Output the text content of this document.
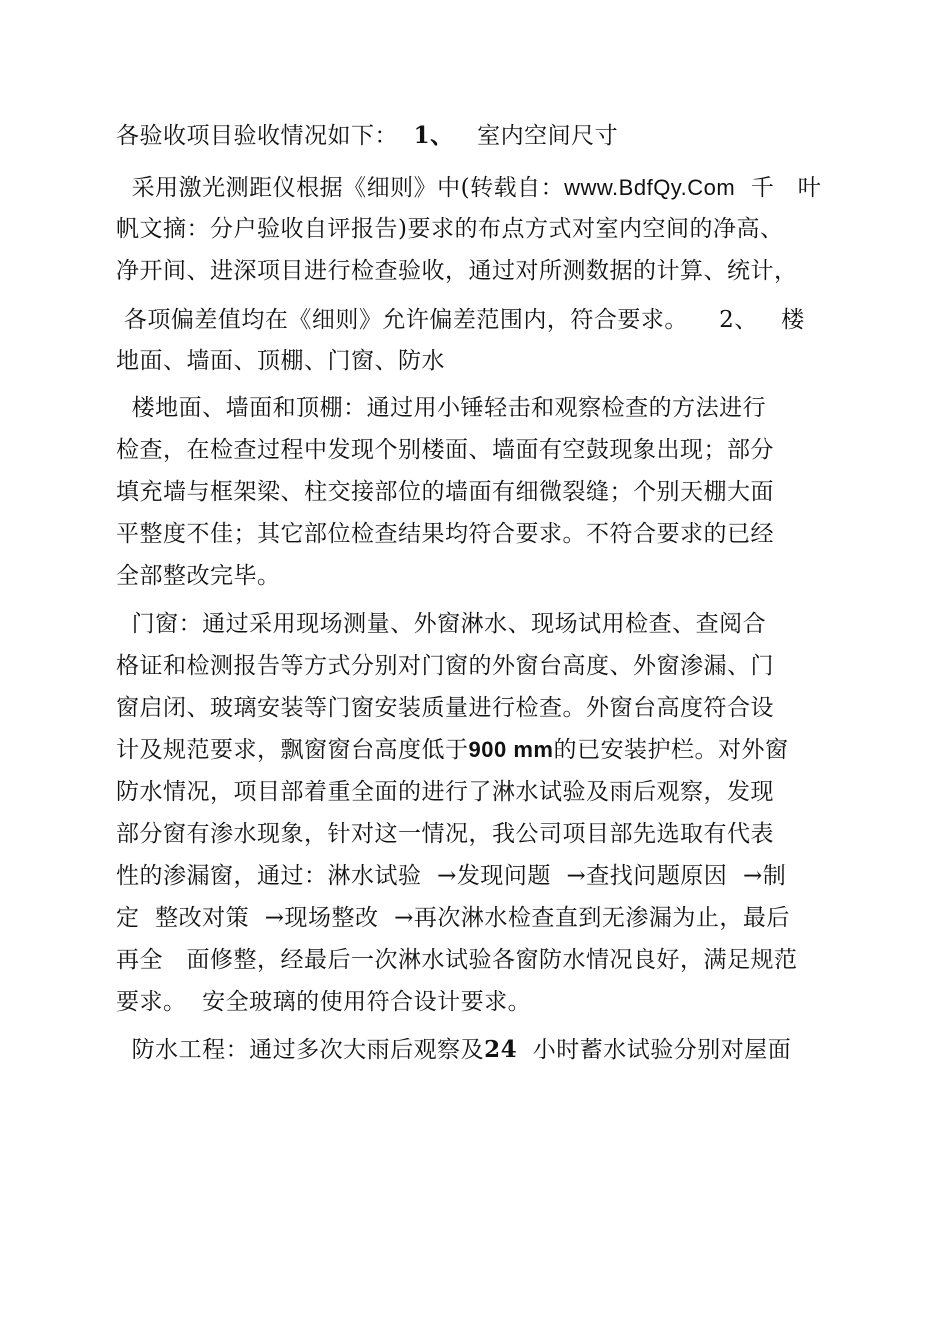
各验收项目验收情况如下： 1、 室内空间尺寸
采用激光测距仪根据《细则》中(转载自：www.BdfQy.Com 千 叶
帆文摘：分户验收自评报告)要求的布点方式对室内空间的净高、
净开间、进深项目进行检查验收，通过对所测数据的计算、统计，
各项偏差值均在《细则》允许偏差范围内，符合要求。 2、 楼
地面、墙面、顶棚、门窗、防水
楼地面、墙面和顶棚：通过用小锤轻击和观察检查的方法进行
检查，在检查过程中发现个别楼面、墙面有空鼓现象出现；部分
填充墙与框架梁、柱交接部位的墙面有细微裂缝；个别天棚大面
平整度不佳；其它部位检查结果均符合要求。不符合要求的已经
全部整改完毕。
门窗：通过采用现场测量、外窗淋水、现场试用检查、查阅合
格证和检测报告等方式分别对门窗的外窗台高度、外窗渗漏、门
窗启闭、玻璃安装等门窗安装质量进行检查。外窗台高度符合设
计及规范要求，飘窗窗台高度低于900 mm的已安装护栏。对外窗
防水情况，项目部着重全面的进行了淋水试验及雨后观察，发现
部分窗有渗水现象，针对这一情况，我公司项目部先选取有代表
性的渗漏窗，通过：淋水试验 →发现问题 →查找问题原因 →制
定 整改对策 →现场整改 →再次淋水检查直到无渗漏为止，最后
再全 面修整，经最后一次淋水试验各窗防水情况良好，满足规范
要求。 安全玻璃的使用符合设计要求。
防水工程：通过多次大雨后观察及24 小时蓄水试验分别对屋面
